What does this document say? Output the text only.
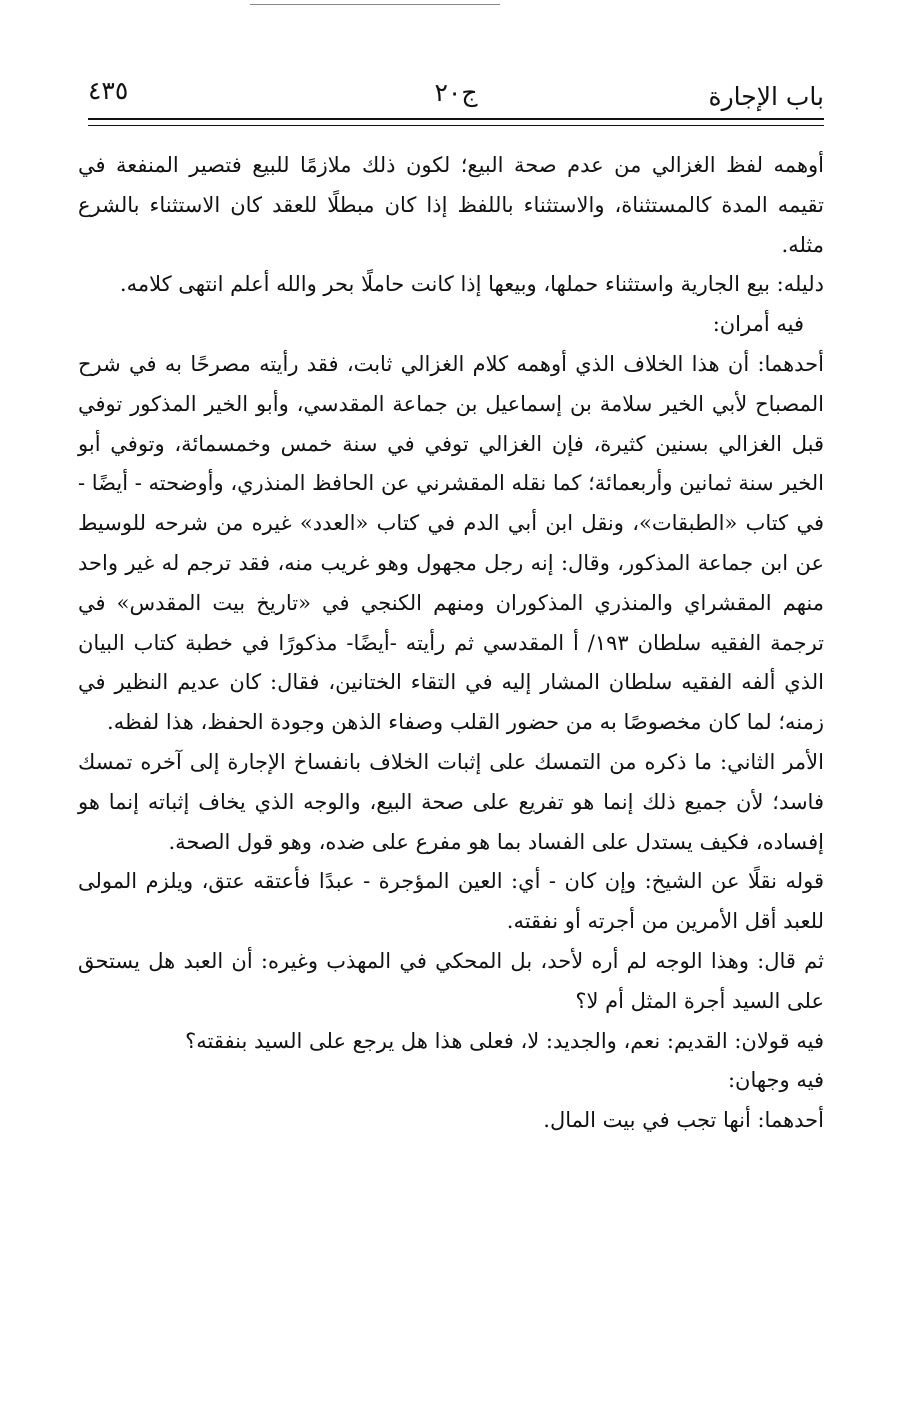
باب الإجارة
ج٢٠
٤٣٥

أوهمه لفظ الغزالي من عدم صحة البيع؛ لكون ذلك ملازمًا للبيع فتصير المنفعة في تقيمه المدة كالمستثناة، والاستثناء باللفظ إذا كان مبطلًا للعقد كان الاستثناء بالشرع مثله.

دليله: بيع الجارية واستثناء حملها، وبيعها إذا كانت حاملًا بحر والله أعلم انتهى كلامه.

فيه أمران:

أحدهما: أن هذا الخلاف الذي أوهمه كلام الغزالي ثابت، فقد رأيته مصرحًا به في شرح المصباح لأبي الخير سلامة بن إسماعيل بن جماعة المقدسي، وأبو الخير المذكور توفي قبل الغزالي بسنين كثيرة، فإن الغزالي توفي في سنة خمس وخمسمائة، وتوفي أبو الخير سنة ثمانين وأربعمائة؛ كما نقله المقشرني عن الحافظ المنذري، وأوضحته - أيضًا - في كتاب «الطبقات»، ونقل ابن أبي الدم في كتاب «العدد» غيره من شرحه للوسيط عن ابن جماعة المذكور، وقال: إنه رجل مجهول وهو غريب منه، فقد ترجم له غير واحد منهم المقشراي والمنذري المذكوران ومنهم الكنجي في «تاريخ بيت المقدس» في ترجمة الفقيه سلطان ١٩٣/ أ المقدسي ثم رأيته -أيضًا- مذكورًا في خطبة كتاب البيان الذي ألفه الفقيه سلطان المشار إليه في التقاء الختانين، فقال: كان عديم النظير في زمنه؛ لما كان مخصوصًا به من حضور القلب وصفاء الذهن وجودة الحفظ، هذا لفظه.

الأمر الثاني: ما ذكره من التمسك على إثبات الخلاف بانفساخ الإجارة إلى آخره تمسك فاسد؛ لأن جميع ذلك إنما هو تفريع على صحة البيع، والوجه الذي يخاف إثباته إنما هو إفساده، فكيف يستدل على الفساد بما هو مفرع على ضده، وهو قول الصحة.

قوله نقلًا عن الشيخ: وإن كان - أي: العين المؤجرة - عبدًا فأعتقه عتق، ويلزم المولى للعبد أقل الأمرين من أجرته أو نفقته.

ثم قال: وهذا الوجه لم أره لأحد، بل المحكي في المهذب وغيره: أن العبد هل يستحق على السيد أجرة المثل أم لا؟

فيه قولان: القديم: نعم، والجديد: لا، فعلى هذا هل يرجع على السيد بنفقته؟

فيه وجهان:

أحدهما: أنها تجب في بيت المال.
